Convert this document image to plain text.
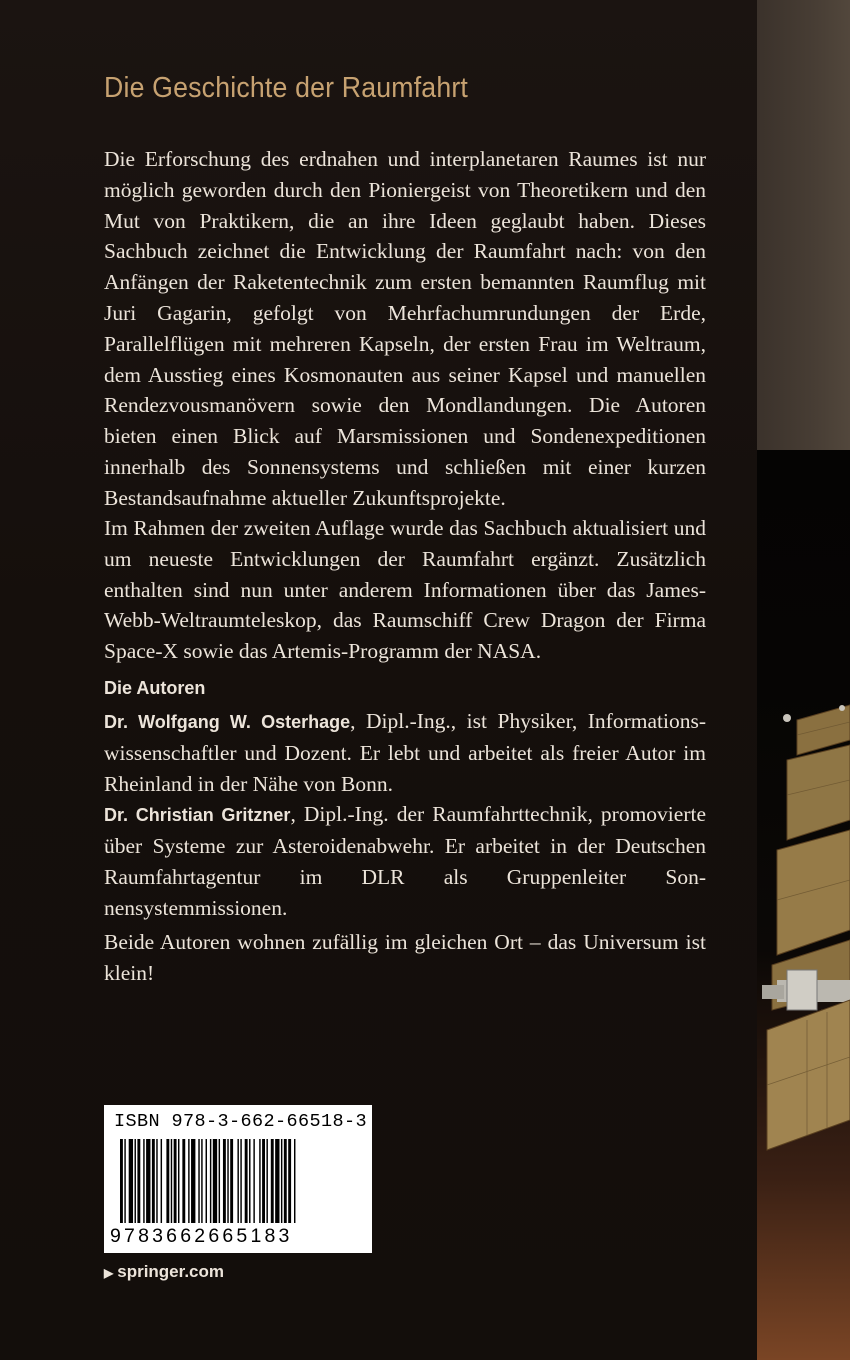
Die Geschichte der Raumfahrt

Die Erforschung des erdnahen und interplanetaren Raumes ist nur möglich geworden durch den Pioniergeist von Theoretikern und den Mut von Praktikern, die an ihre Ideen geglaubt haben. Dieses Sachbuch zeichnet die Entwicklung der Raumfahrt nach: von den Anfängen der Raketentechnik zum ersten bemannten Raumflug mit Juri Gagarin, gefolgt von Mehrfachumrundungen der Erde, Parallelflügen mit mehreren Kapseln, der ersten Frau im Weltraum, dem Ausstieg eines Kosmonauten aus seiner Kapsel und manuellen Rendezvousmanövern sowie den Mondlandungen. Die Autoren bieten einen Blick auf Marsmissionen und Sondenexpeditionen innerhalb des Sonnensystems und schließen mit einer kurzen Bestandsaufnahme aktueller Zukunftsprojekte.

Im Rahmen der zweiten Auflage wurde das Sachbuch aktualisiert und um neueste Entwicklungen der Raumfahrt ergänzt. Zusätzlich enthalten sind nun unter anderem Informationen über das James-Webb-Weltraumteleskop, das Raumschiff Crew Dragon der Firma Space-X sowie das Artemis-Programm der NASA.

Die Autoren

Dr. Wolfgang W. Osterhage, Dipl.-Ing., ist Physiker, Informationswissenschaftler und Dozent. Er lebt und arbeitet als freier Autor im Rheinland in der Nähe von Bonn.

Dr. Christian Gritzner, Dipl.-Ing. der Raumfahrttechnik, promovierte über Systeme zur Asteroidenabwehr. Er arbeitet in der Deutschen Raumfahrtagentur im DLR als Gruppenleiter Sonnensystemmissionen.

Beide Autoren wohnen zufällig im gleichen Ort – das Universum ist klein!

ISBN 978-3-662-66518-3
9783662665183
▶ springer.com
